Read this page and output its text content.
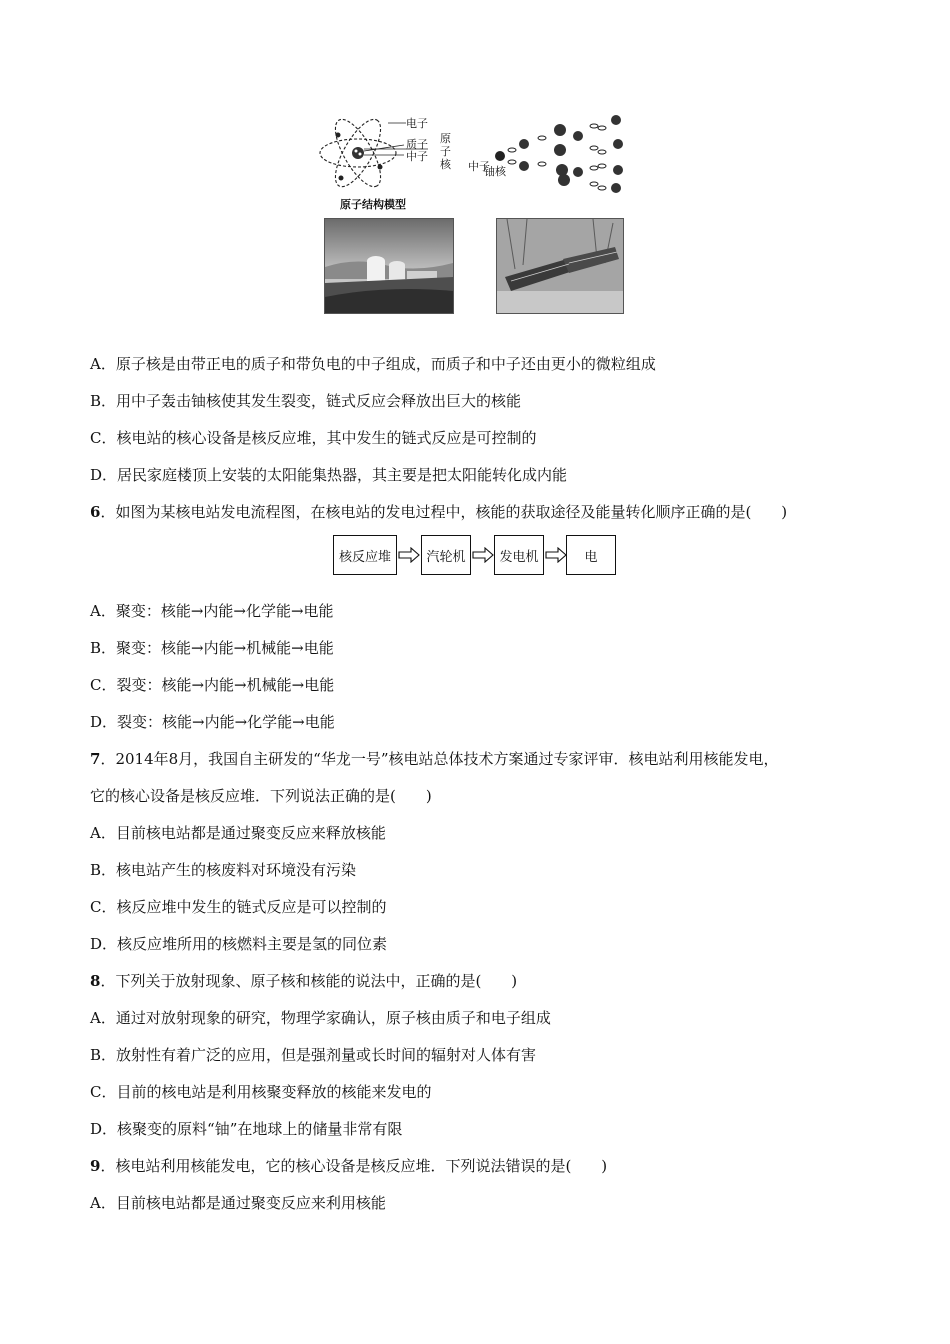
电子
质子
中子
原
子
核
原子结构模型
中子
铀核
A．原子核是由带正电的质子和带负电的中子组成，而质子和中子还由更小的微粒组成
B．用中子轰击铀核使其发生裂变，链式反应会释放出巨大的核能
C．核电站的核心设备是核反应堆，其中发生的链式反应是可控制的
D．居民家庭楼顶上安装的太阳能集热器，其主要是把太阳能转化成内能
6．如图为某核电站发电流程图，在核电站的发电过程中，核能的获取途径及能量转化顺序正确的是(　　)
核反应堆	汽轮机	发电机	电
A．聚变：核能→内能→化学能→电能
B．聚变：核能→内能→机械能→电能
C．裂变：核能→内能→机械能→电能
D．裂变：核能→内能→化学能→电能
7．2014年8月，我国自主研发的“华龙一号”核电站总体技术方案通过专家评审．核电站利用核能发电，
它的核心设备是核反应堆．下列说法正确的是(　　)
A．目前核电站都是通过聚变反应来释放核能
B．核电站产生的核废料对环境没有污染
C．核反应堆中发生的链式反应是可以控制的
D．核反应堆所用的核燃料主要是氢的同位素
8．下列关于放射现象、原子核和核能的说法中，正确的是(　　)
A．通过对放射现象的研究，物理学家确认，原子核由质子和电子组成
B．放射性有着广泛的应用，但是强剂量或长时间的辐射对人体有害
C．目前的核电站是利用核聚变释放的核能来发电的
D．核聚变的原料“铀”在地球上的储量非常有限
9．核电站利用核能发电，它的核心设备是核反应堆．下列说法错误的是(　　)
A．目前核电站都是通过聚变反应来利用核能
